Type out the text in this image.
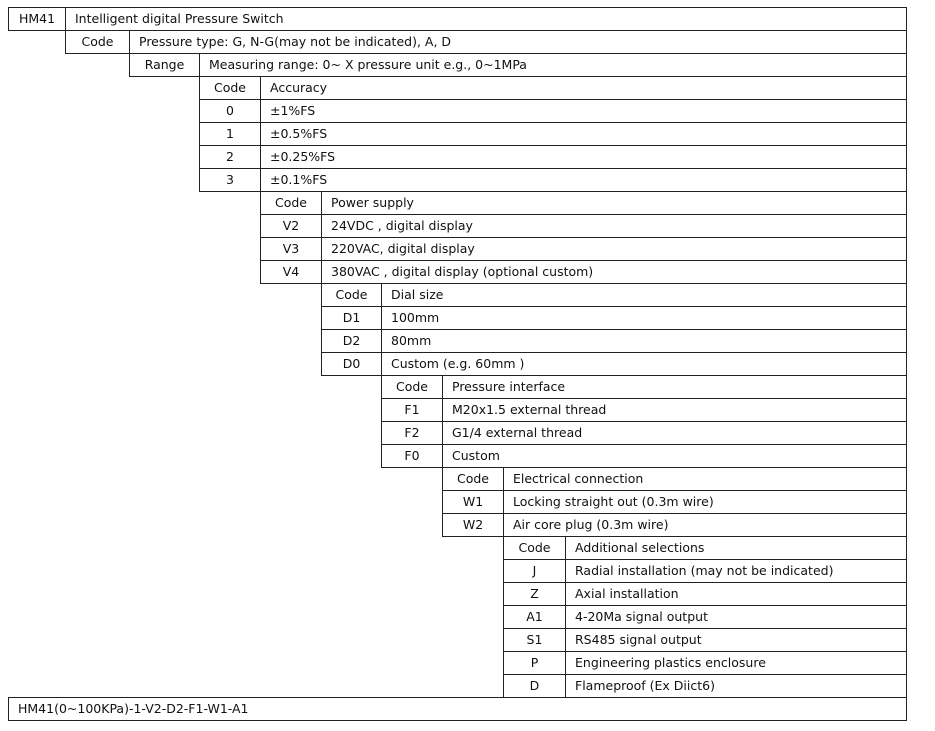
HM41	Intelligent digital Pressure Switch
Code	Pressure type: G, N-G(may not be indicated), A, D
Range	Measuring range: 0~ X pressure unit e.g., 0~1MPa
Code	Accuracy
0	±1%FS
1	±0.5%FS
2	±0.25%FS
3	±0.1%FS
Code	Power supply
V2	24VDC , digital display
V3	220VAC, digital display
V4	380VAC , digital display (optional custom)
Code	Dial size
D1	100mm
D2	80mm
D0	Custom (e.g. 60mm )
Code	Pressure interface
F1	M20x1.5 external thread
F2	G1/4 external thread
F0	Custom
Code	Electrical connection
W1	Locking straight out (0.3m wire)
W2	Air core plug (0.3m wire)
Code	Additional selections
J	Radial installation (may not be indicated)
Z	Axial installation
A1	4-20Ma signal output
S1	RS485 signal output
P	Engineering plastics enclosure
D	Flameproof (Ex Diict6)
HM41(0~100KPa)-1-V2-D2-F1-W1-A1
